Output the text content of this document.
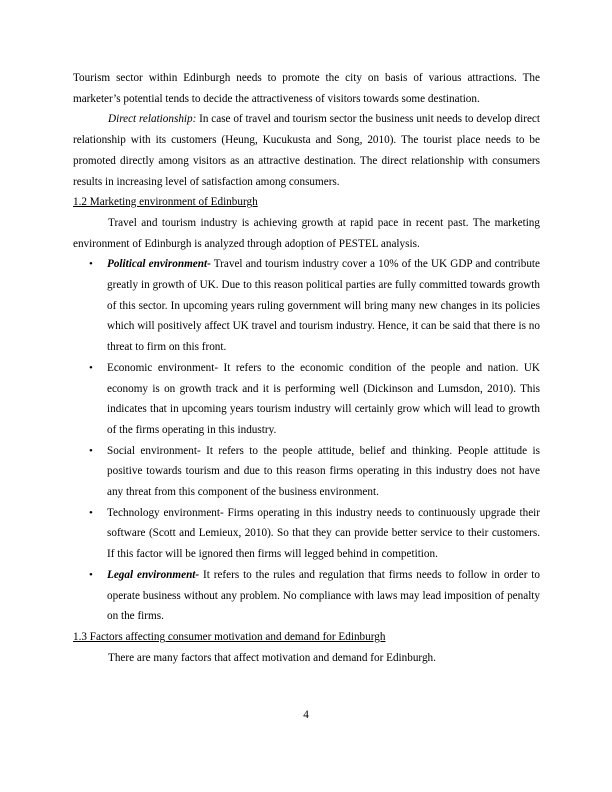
Tourism sector within Edinburgh needs to promote the city on basis of various attractions. The marketer’s potential tends to decide the attractiveness of visitors towards some destination.

Direct relationship: In case of travel and tourism sector the business unit needs to develop direct relationship with its customers (Heung, Kucukusta and Song, 2010). The tourist place needs to be promoted directly among visitors as an attractive destination. The direct relationship with consumers results in increasing level of satisfaction among consumers.

1.2 Marketing environment of Edinburgh

Travel and tourism industry is achieving growth at rapid pace in recent past. The marketing environment of Edinburgh is analyzed through adoption of PESTEL analysis.

• Political environment- Travel and tourism industry cover a 10% of the UK GDP and contribute greatly in growth of UK. Due to this reason political parties are fully committed towards growth of this sector. In upcoming years ruling government will bring many new changes in its policies which will positively affect UK travel and tourism industry. Hence, it can be said that there is no threat to firm on this front.
• Economic environment- It refers to the economic condition of the people and nation. UK economy is on growth track and it is performing well (Dickinson and Lumsdon, 2010). This indicates that in upcoming years tourism industry will certainly grow which will lead to growth of the firms operating in this industry.
• Social environment- It refers to the people attitude, belief and thinking. People attitude is positive towards tourism and due to this reason firms operating in this industry does not have any threat from this component of the business environment.
• Technology environment- Firms operating in this industry needs to continuously upgrade their software (Scott and Lemieux, 2010). So that they can provide better service to their customers. If this factor will be ignored then firms will legged behind in competition.
• Legal environment- It refers to the rules and regulation that firms needs to follow in order to operate business without any problem. No compliance with laws may lead imposition of penalty on the firms.

1.3 Factors affecting consumer motivation and demand for Edinburgh

There are many factors that affect motivation and demand for Edinburgh.

4
